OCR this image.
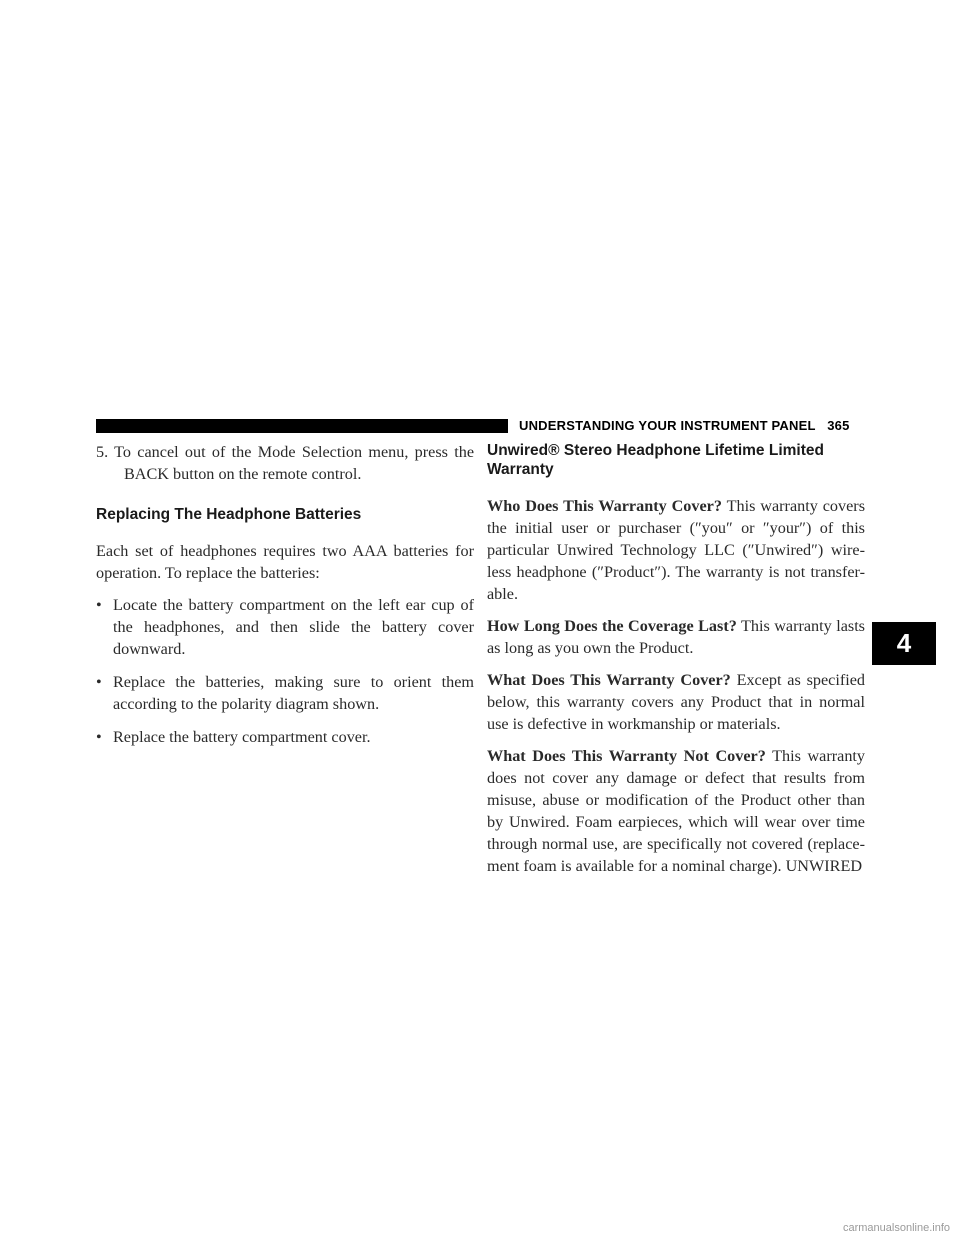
UNDERSTANDING YOUR INSTRUMENT PANEL 365

5. To cancel out of the Mode Selection menu, press the BACK button on the remote control.

Replacing The Headphone Batteries

Each set of headphones requires two AAA batteries for operation. To replace the batteries:

• Locate the battery compartment on the left ear cup of the headphones, and then slide the battery cover downward.
• Replace the batteries, making sure to orient them according to the polarity diagram shown.
• Replace the battery compartment cover.
Unwired® Stereo Headphone Lifetime Limited Warranty

Who Does This Warranty Cover? This warranty covers the initial user or purchaser (″you″ or ″your″) of this particular Unwired Technology LLC (″Unwired″) wire-less headphone (″Product″). The warranty is not transfer-able.

How Long Does the Coverage Last? This warranty lasts as long as you own the Product.

What Does This Warranty Cover? Except as specified below, this warranty covers any Product that in normal use is defective in workmanship or materials.

What Does This Warranty Not Cover? This warranty does not cover any damage or defect that results from misuse, abuse or modification of the Product other than by Unwired. Foam earpieces, which will wear over time through normal use, are specifically not covered (replace-ment foam is available for a nominal charge). UNWIRED

4
carmanualsonline.info
